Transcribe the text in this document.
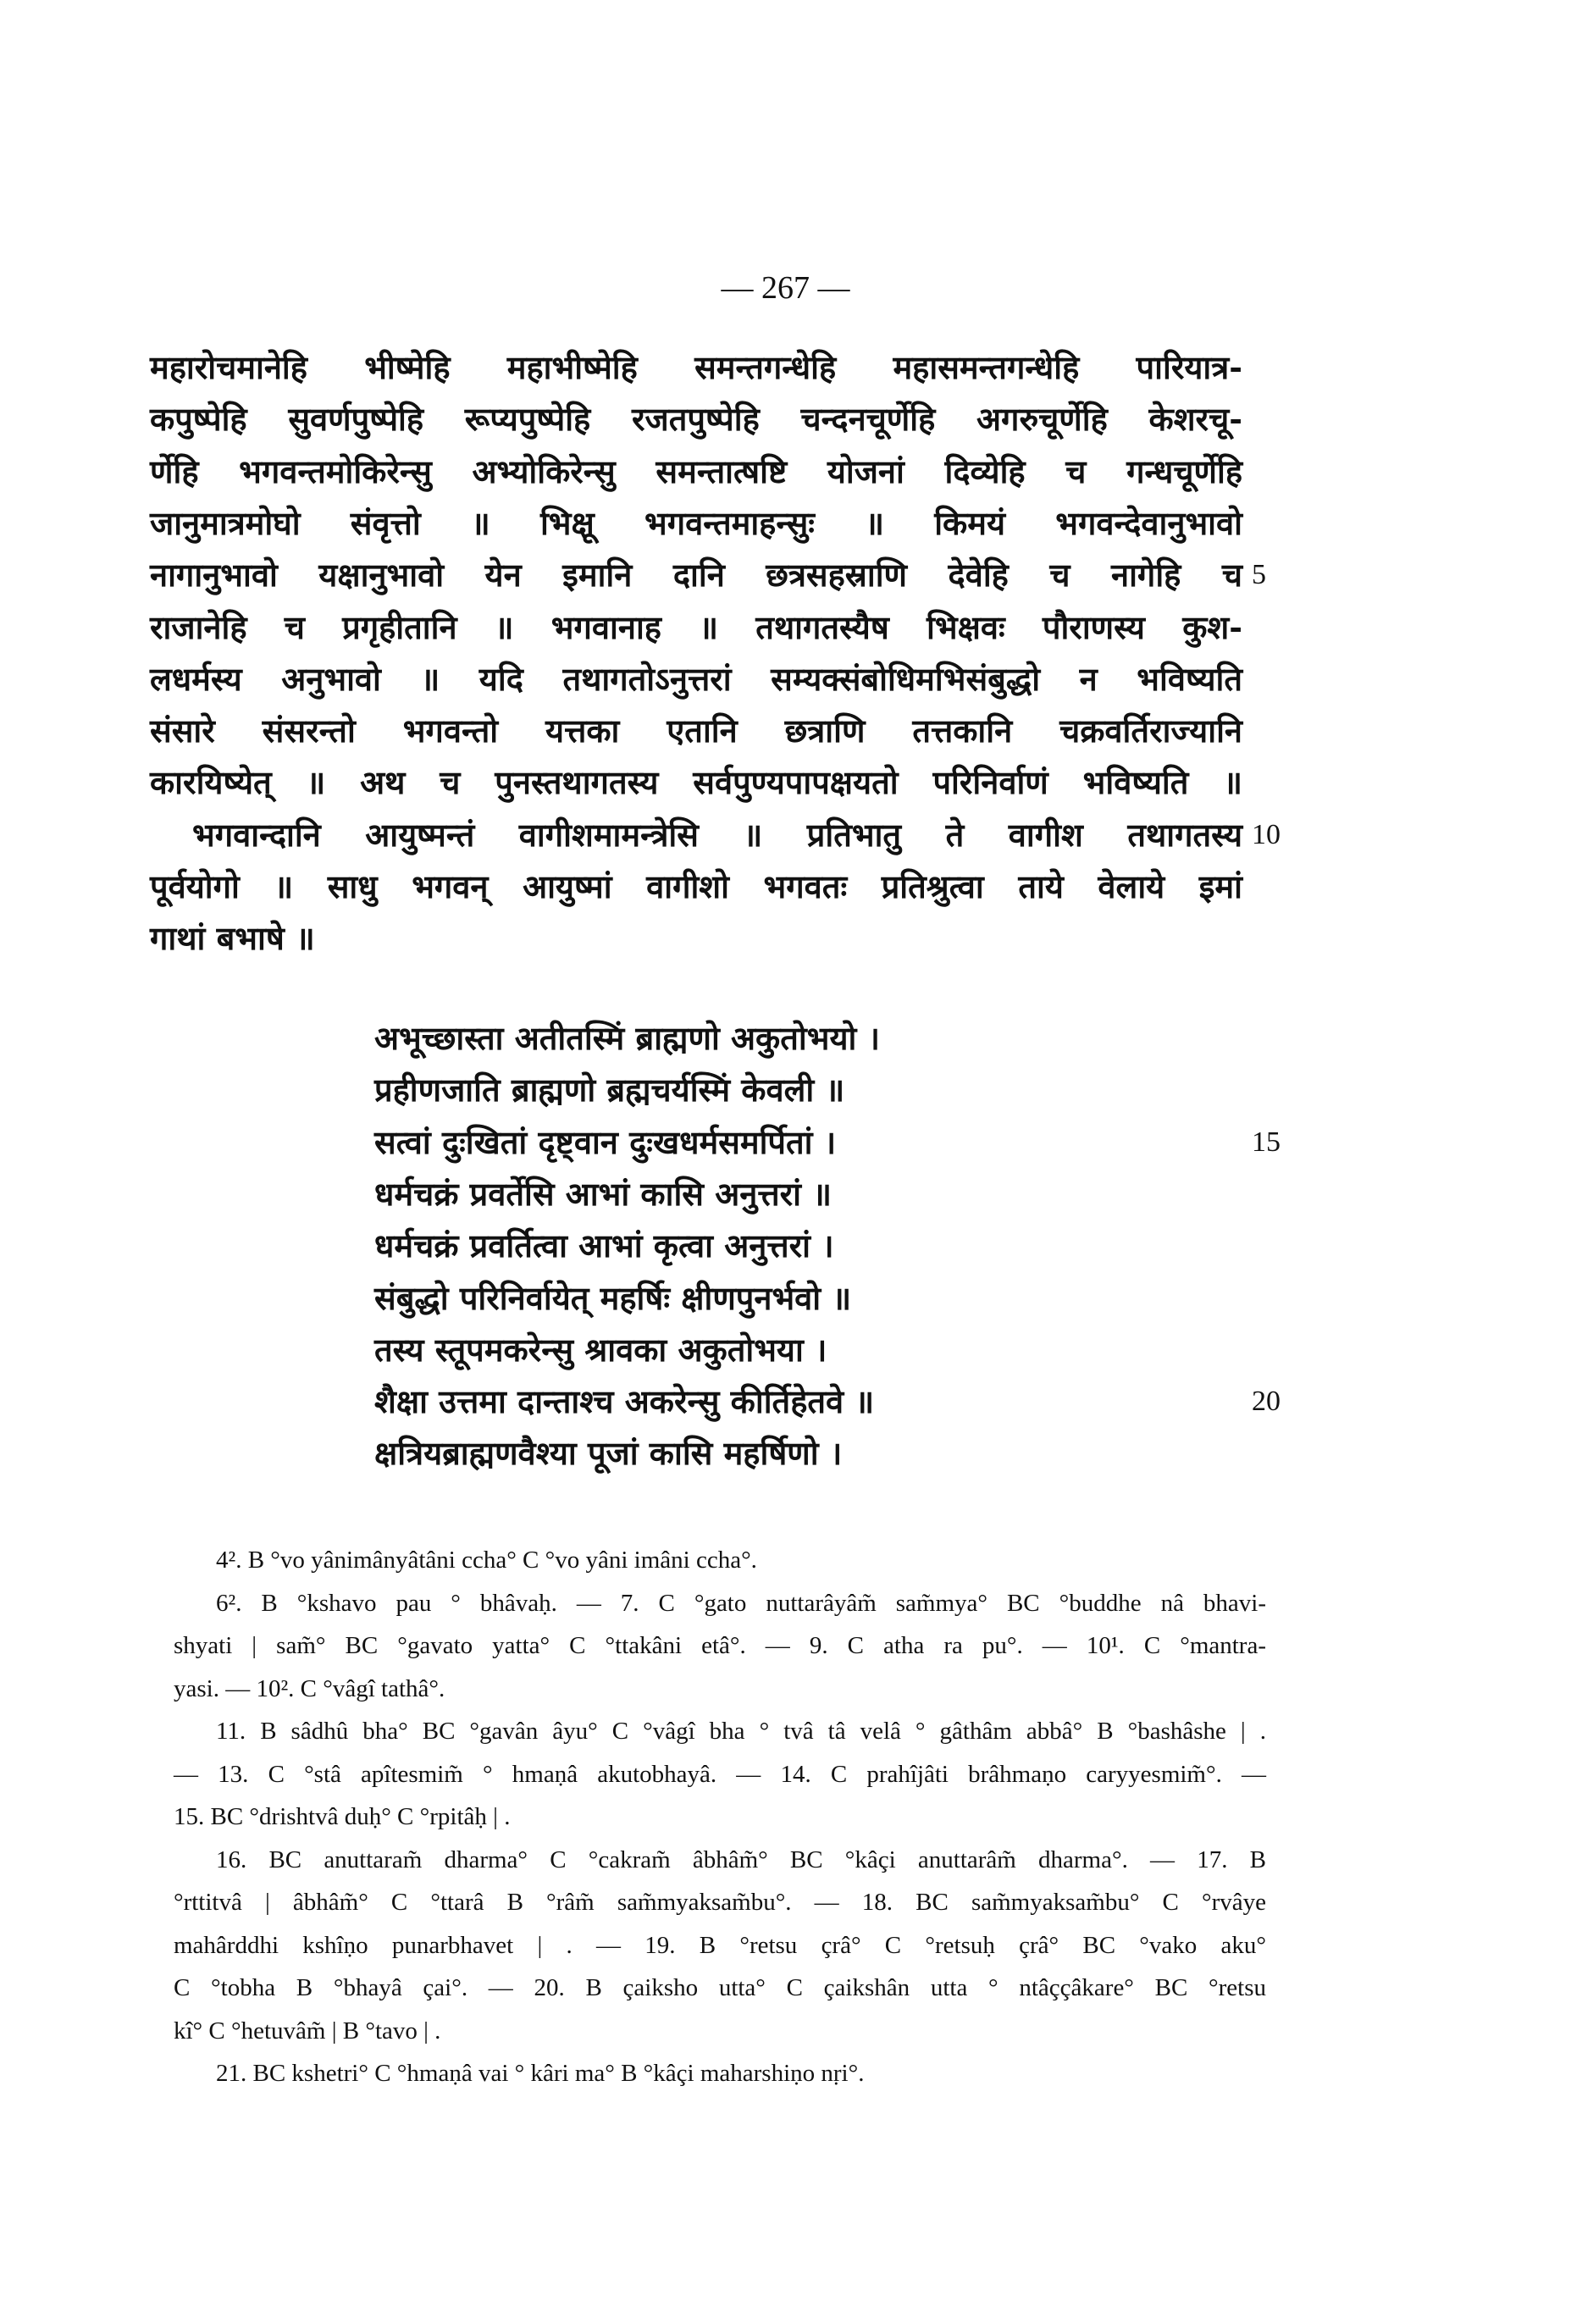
— 267 —
महारोचमानेहि भीष्मेहि महाभीष्मेहि समन्तगन्धेहि महासमन्तगन्धेहि पारियात्र-
कपुष्पेहि सुवर्णपुष्पेहि रूप्यपुष्पेहि रजतपुष्पेहि चन्दनचूर्णेहि अगरुचूर्णेहि केशरचू-
र्णेहि भगवन्तमोकिरेन्सु अभ्योकिरेन्सु समन्तात्षष्टि योजनां दिव्येहि च गन्धचूर्णेहि
जानुमात्रमोघो संवृत्तो ॥ भिक्षू भगवन्तमाहन्सुः ॥ किमयं भगवन्देवानुभावो
नागानुभावो यक्षानुभावो येन इमानि दानि छत्रसहस्राणि देवेहि च नागेहि च 5
राजानेहि च प्रगृहीतानि ॥ भगवानाह ॥ तथागतस्यैष भिक्षवः पौराणस्य कुश-
लधर्मस्य अनुभावो ॥ यदि तथागतोऽनुत्तरां सम्यक्संबोधिमभिसंबुद्धो न भविष्यति
संसारे संसरन्तो भगवन्तो यत्तका एतानि छत्राणि तत्तकानि चक्रवर्तिराज्यानि
कारयिष्येत् ॥ अथ च पुनस्तथागतस्य सर्वपुण्यपापक्षयतो परिनिर्वाणं भविष्यति ॥
भगवान्दानि आयुष्मन्तं वागीशमामन्त्रेसि ॥ प्रतिभातु ते वागीश तथागतस्य 10
पूर्वयोगो ॥ साधु भगवन् आयुष्मां वागीशो भगवतः प्रतिश्रुत्वा ताये वेलाये इमां
गाथां बभाषे ॥
अभूच्छास्ता अतीतस्मिं ब्राह्मणो अकुतोभयो ।
प्रहीणजाति ब्राह्मणो ब्रह्मचर्यस्मिं केवली ॥
सत्वां दुःखितां दृष्ट्वान दुःखधर्मसमर्पितां ।	15
धर्मचक्रं प्रवर्तेसि आभां कासि अनुत्तरां ॥
धर्मचक्रं प्रवर्तित्वा आभां कृत्वा अनुत्तरां ।
संबुद्धो परिनिर्वायेत् महर्षिः क्षीणपुनर्भवो ॥
तस्य स्तूपमकरेन्सु श्रावका अकुतोभया ।
शैक्षा उत्तमा दान्ताश्च अकरेन्सु कीर्तिहेतवे ॥	20
क्षत्रियब्राह्मणवैश्या पूजां कासि महर्षिणो ।
4². B °vo yânimânyâtâni ccha° C °vo yâni imâni ccha°.
6². B °kshavo pau ° bhâvaḥ. — 7. C °gato nuttarâyâm̃ sam̃mya° BC °buddhe nâ bhavi-
shyati | sam̃° BC °gavato yatta° C °ttakâni etâ°. — 9. C atha ra pu°. — 10¹. C °mantra-
yasi. — 10². C °vâgî tathâ°.
11. B sâdhû bha° BC °gavân âyu° C °vâgî bha ° tvâ tâ velâ ° gâthâm abbâ° B °bashâshe | .
— 13. C °stâ apîtesmim̃ ° hmaṇâ akutobhayâ. — 14. C prahîjâti brâhmaṇo caryyesmim̃°. —
15. BC °drishtvâ duḥ° C °rpitâḥ | .
16. BC anuttaram̃ dharma° C °cakram̃ âbhâm̃° BC °kâçi anuttarâm̃ dharma°. — 17. B
°rttitvâ | âbhâm̃° C °ttarâ B °râm̃ sam̃myaksam̃bu°. — 18. BC sam̃myaksam̃bu° C °rvâye
mahârddhi kshîṇo punarbhavet | . — 19. B °retsu çrâ° C °retsuḥ çrâ° BC °vako aku°
C °tobha B °bhayâ çai°. — 20. B çaiksho utta° C çaikshân utta ° ntâççâkare° BC °retsu
kî° C °hetuvâm̃ | B °tavo | .
21. BC kshetri° C °hmaṇâ vai ° kâri ma° B °kâçi maharshiṇo nṛi°.
